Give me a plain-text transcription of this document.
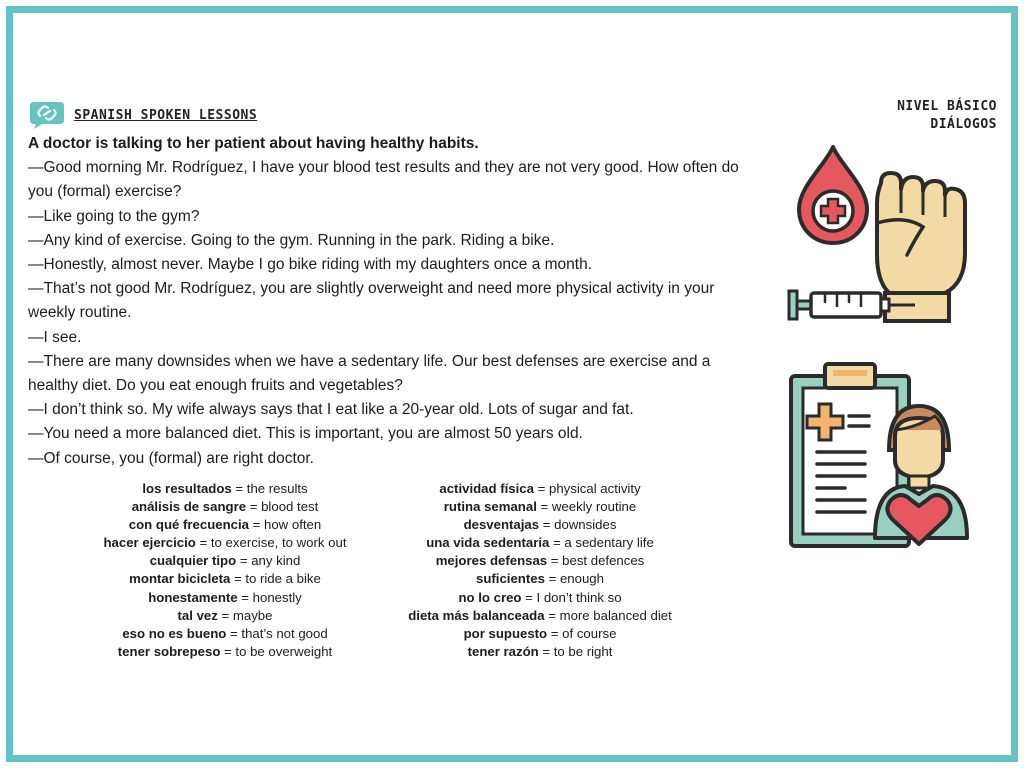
SPANISH SPOKEN LESSONS
NIVEL BÁSICO
DIÁLOGOS

A doctor is talking to her patient about having healthy habits.

—Good morning Mr. Rodríguez, I have your blood test results and they are not very good. How often do you (formal) exercise?

—Like going to the gym?

—Any kind of exercise. Going to the gym. Running in the park. Riding a bike.

—Honestly, almost never. Maybe I go bike riding with my daughters once a month.

—That’s not good Mr. Rodríguez, you are slightly overweight and need more physical activity in your weekly routine.

—I see.

—There are many downsides when we have a sedentary life. Our best defenses are exercise and a healthy diet. Do you eat enough fruits and vegetables?

—I don’t think so. My wife always says that I eat like a 20-year old. Lots of sugar and fat.

—You need a more balanced diet. This is important, you are almost 50 years old.

—Of course, you (formal) are right doctor.

los resultados = the results
análisis de sangre = blood test
con qué frecuencia = how often
hacer ejercicio = to exercise, to work out
cualquier tipo = any kind
montar bicicleta = to ride a bike
honestamente = honestly
tal vez = maybe
eso no es bueno = that’s not good
tener sobrepeso = to be overweight
actividad física = physical activity
rutina semanal = weekly routine
desventajas = downsides
una vida sedentaria = a sedentary life
mejores defensas = best defences
suficientes = enough
no lo creo = I don’t think so
dieta más balanceada = more balanced diet
por supuesto = of course
tener razón = to be right
